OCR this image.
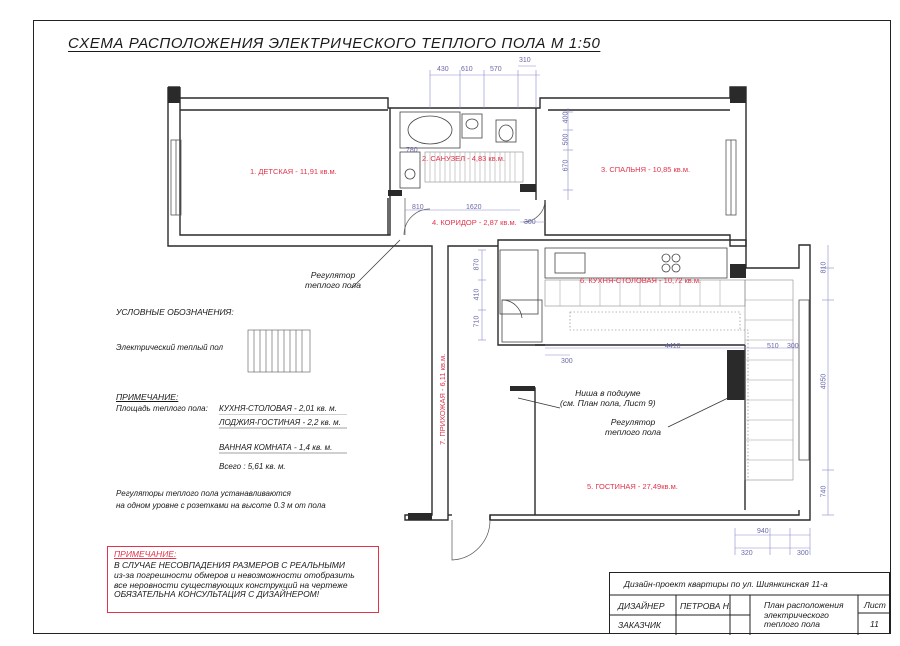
СХЕМА РАСПОЛОЖЕНИЯ ЭЛЕКТРИЧЕСКОГО ТЕПЛОГО ПОЛА М 1:50
1. ДЕТСКАЯ - 11,91 кв.м.
2. САНУЗЕЛ - 4,83 кв.м.
3. СПАЛЬНЯ - 10,85 кв.м.
4. КОРИДОР - 2,87 кв.м.
6. КУХНЯ-СТОЛОВАЯ - 10,72 кв.м.
5. ГОСТИНАЯ - 27,49кв.м.
7. ПРИХОЖАЯ - 6,11 кв.м.
430 610 570
310
400
500
670
780
810	1620
300
870
410
710
300
4410	510 300
810
4050
740
940
320	300
Регулятор
теплого пола
Ниша в подиуме
(см. План пола, Лист 9)
Регулятор
теплого пола
УСЛОВНЫЕ ОБОЗНАЧЕНИЯ:
Электрический теплый пол
ПРИМЕЧАНИЕ:
Площадь теплого пола: КУХНЯ-СТОЛОВАЯ - 2,01 кв. м.
ЛОДЖИЯ-ГОСТИНАЯ - 2,2 кв. м.
ВАННАЯ КОМНАТА - 1,4 кв. м.
Всего : 5,61 кв. м.
Регуляторы теплого пола устанавливаются
на одном уровне с розетками на высоте 0.3 м от пола
ПРИМЕЧАНИЕ:
В СЛУЧАЕ НЕСОВПАДЕНИЯ РАЗМЕРОВ С РЕАЛЬНЫМИ
из-за погрешности обмеров и невозможности отобразить
все неровности существующих конструкций на чертеже
ОБЯЗАТЕЛЬНА КОНСУЛЬТАЦИЯ С ДИЗАЙНЕРОМ!
Дизайн-проект квартиры по ул. Шиянкинская 11-а
ДИЗАЙНЕР ПЕТРОВА Н.
ЗАКАЗЧИК
План расположения
электрического
теплого пола
Лист
11
